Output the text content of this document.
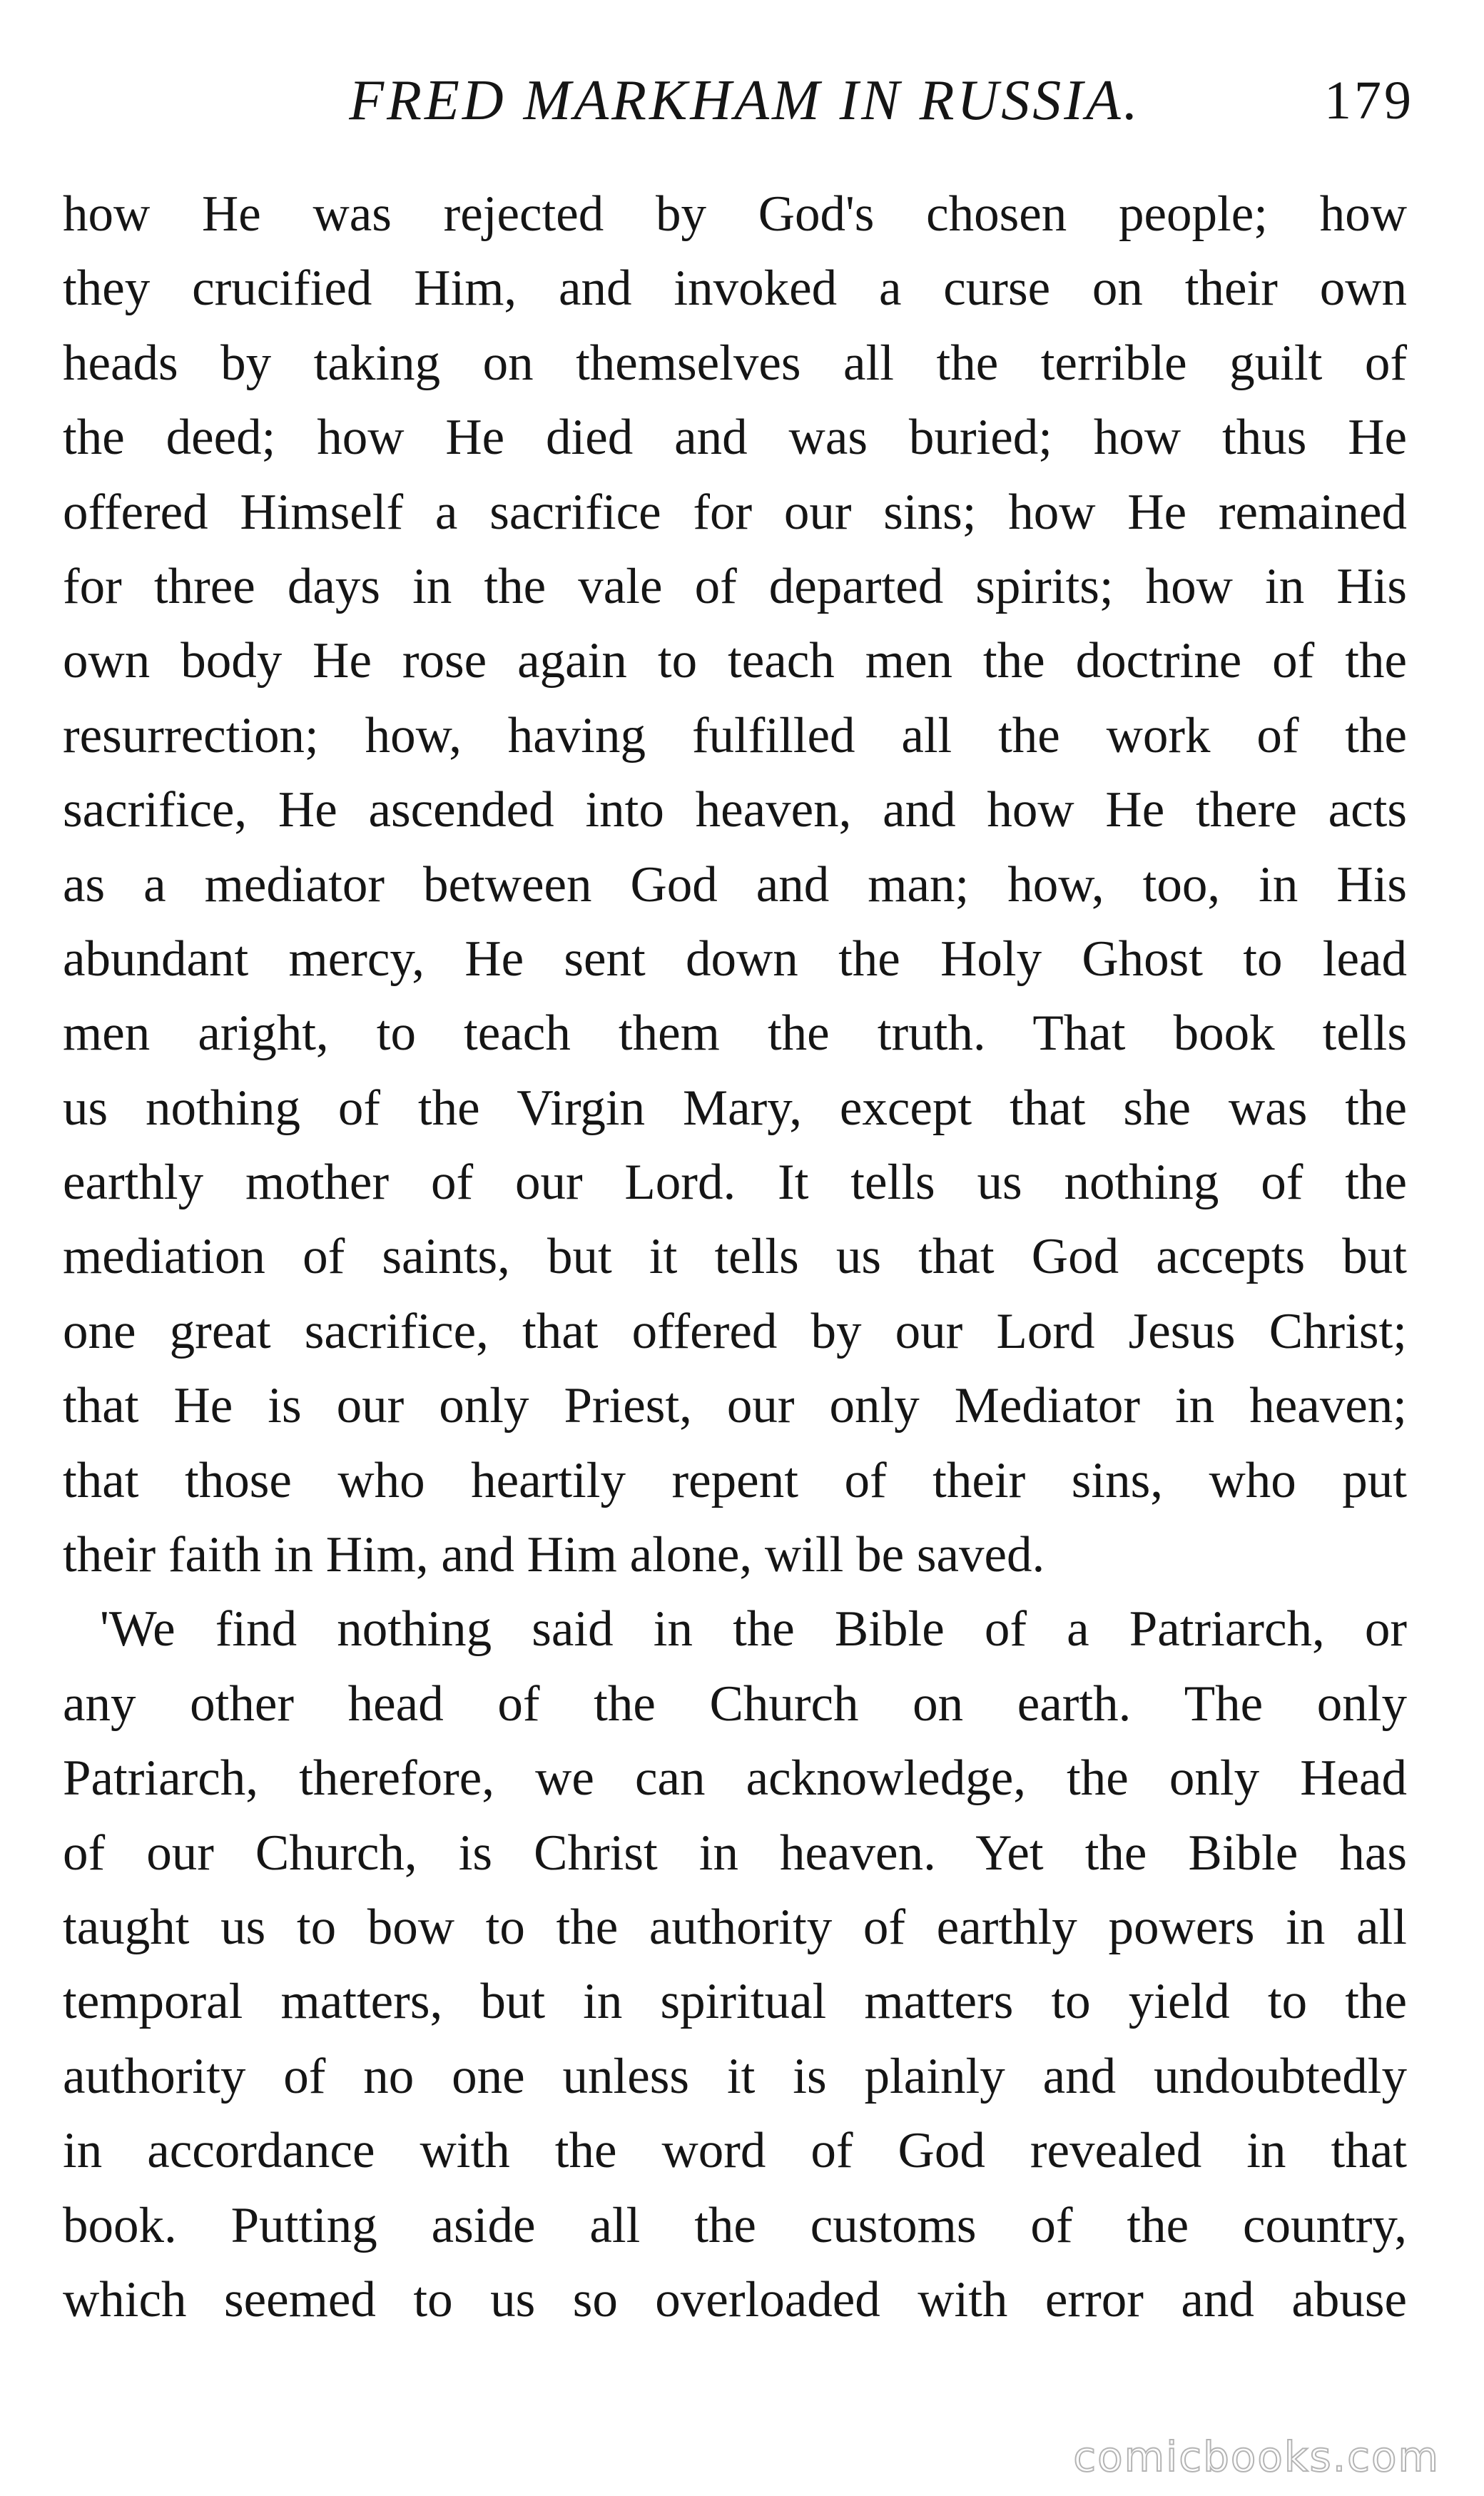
FRED MARKHAM IN RUSSIA.	179
how He was rejected by God's chosen people; how
they crucified Him, and invoked a curse on their own
heads by taking on themselves all the terrible guilt of
the deed; how He died and was buried; how thus He
offered Himself a sacrifice for our sins; how He remained
for three days in the vale of departed spirits; how in His
own body He rose again to teach men the doctrine of the
resurrection; how, having fulfilled all the work of the
sacrifice, He ascended into heaven, and how He there acts
as a mediator between God and man; how, too, in His
abundant mercy, He sent down the Holy Ghost to lead
men aright, to teach them the truth. That book tells
us nothing of the Virgin Mary, except that she was the
earthly mother of our Lord. It tells us nothing of the
mediation of saints, but it tells us that God accepts but
one great sacrifice, that offered by our Lord Jesus Christ;
that He is our only Priest, our only Mediator in heaven;
that those who heartily repent of their sins, who put
their faith in Him, and Him alone, will be saved.
'We find nothing said in the Bible of a Patriarch, or
any other head of the Church on earth. The only
Patriarch, therefore, we can acknowledge, the only Head
of our Church, is Christ in heaven. Yet the Bible has
taught us to bow to the authority of earthly powers in all
temporal matters, but in spiritual matters to yield to the
authority of no one unless it is plainly and undoubtedly
in accordance with the word of God revealed in that
book. Putting aside all the customs of the country,
which seemed to us so overloaded with error and abuse
comicbooks.com
